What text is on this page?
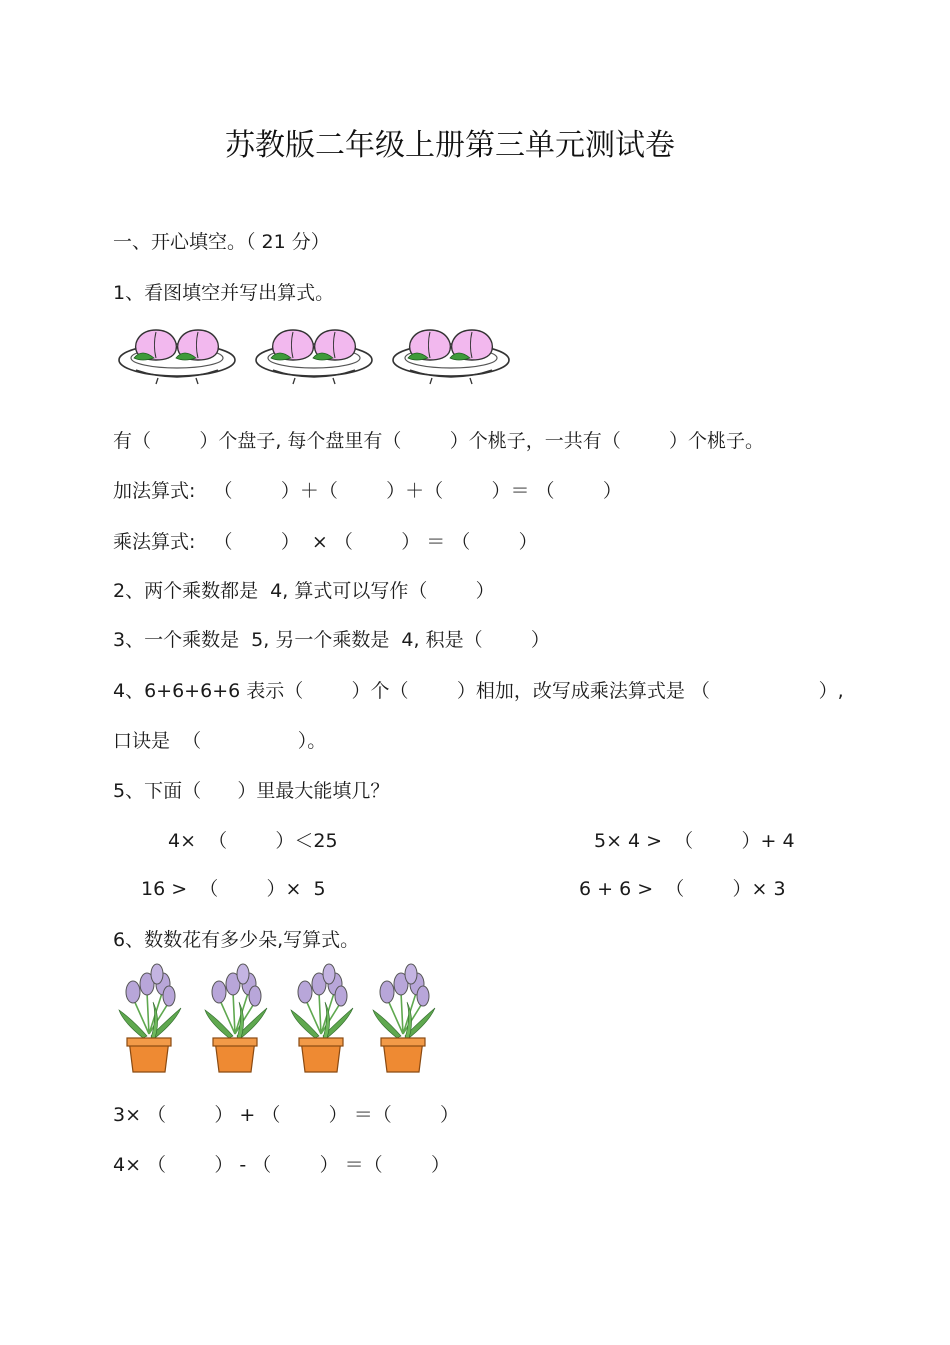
苏教版二年级上册第三单元测试卷
一、开心填空。（ 21 分）
1、看图填空并写出算式。
有（        ）个盘子, 每个盘里有（        ）个桃子，一共有（        ）个桃子。
加法算式:   （        ）＋（        ）＋（        ）＝ （        ）
乘法算式:   （        ）  × （        ） ＝ （        ）
2、两个乘数都是  4, 算式可以写作（        ）
3、一个乘数是  5, 另一个乘数是  4, 积是（        ）
4、6+6+6+6 表示（        ）个（        ）相加，改写成乘法算式是 （                  ）,
口诀是  （                ）。
5、下面（      ）里最大能填几？
4×  （        ）＜25	5× 4 >  （        ）+ 4
16 >  （        ）×  5	6 + 6 >  （        ）× 3
6、数数花有多少朵,写算式。
3× （        ） + （        ） ＝（        ）
4× （        ） - （        ） ＝（        ）
